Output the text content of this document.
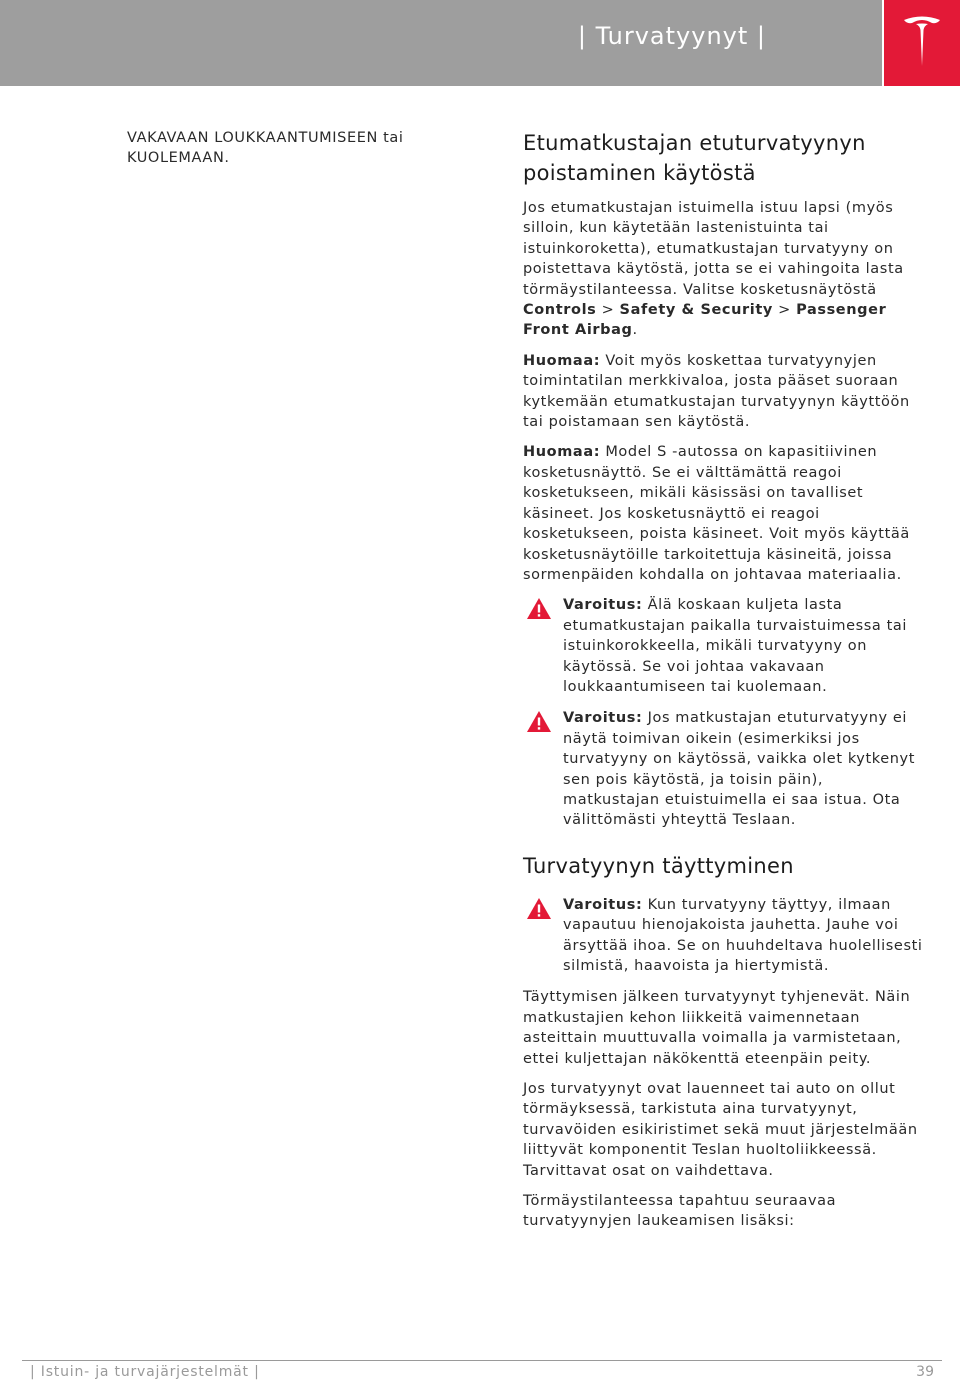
| Turvatyynyt |

VAKAVAAN LOUKKAANTUMISEEN tai KUOLEMAAN.

Etumatkustajan etuturvatyynyn poistaminen käytöstä

Jos etumatkustajan istuimella istuu lapsi (myös silloin, kun käytetään lastenistuinta tai istuinkoroketta), etumatkustajan turvatyyny on poistettava käytöstä, jotta se ei vahingoita lasta törmäystilanteessa. Valitse kosketusnäytöstä Controls > Safety & Security > Passenger Front Airbag.

Huomaa: Voit myös koskettaa turvatyynyjen toimintatilan merkkivaloa, josta pääset suoraan kytkemään etumatkustajan turvatyynyn käyttöön tai poistamaan sen käytöstä.

Huomaa: Model S -autossa on kapasitiivinen kosketusnäyttö. Se ei välttämättä reagoi kosketukseen, mikäli käsissäsi on tavalliset käsineet. Jos kosketusnäyttö ei reagoi kosketukseen, poista käsineet. Voit myös käyttää kosketusnäytöille tarkoitettuja käsineitä, joissa sormenpäiden kohdalla on johtavaa materiaalia.

Varoitus: Älä koskaan kuljeta lasta etumatkustajan paikalla turvaistuimessa tai istuinkorokkeella, mikäli turvatyyny on käytössä. Se voi johtaa vakavaan loukkaantumiseen tai kuolemaan.
Varoitus: Jos matkustajan etuturvatyyny ei näytä toimivan oikein (esimerkiksi jos turvatyyny on käytössä, vaikka olet kytkenyt sen pois käytöstä, ja toisin päin), matkustajan etuistuimella ei saa istua. Ota välittömästi yhteyttä Teslaan.
Turvatyynyn täyttyminen
Varoitus: Kun turvatyyny täyttyy, ilmaan vapautuu hienojakoista jauhetta. Jauhe voi ärsyttää ihoa. Se on huuhdeltava huolellisesti silmistä, haavoista ja hiertymistä.

Täyttymisen jälkeen turvatyynyt tyhjenevät. Näin matkustajien kehon liikkeitä vaimennetaan asteittain muuttuvalla voimalla ja varmistetaan, ettei kuljettajan näkökenttä eteenpäin peity.

Jos turvatyynyt ovat lauenneet tai auto on ollut törmäyksessä, tarkistuta aina turvatyynyt, turvavöiden esikiristimet sekä muut järjestelmään liittyvät komponentit Teslan huoltoliikkeessä. Tarvittavat osat on vaihdettava.

Törmäystilanteessa tapahtuu seuraavaa turvatyynyjen laukeamisen lisäksi:

| Istuin- ja turvajärjestelmät |	39
